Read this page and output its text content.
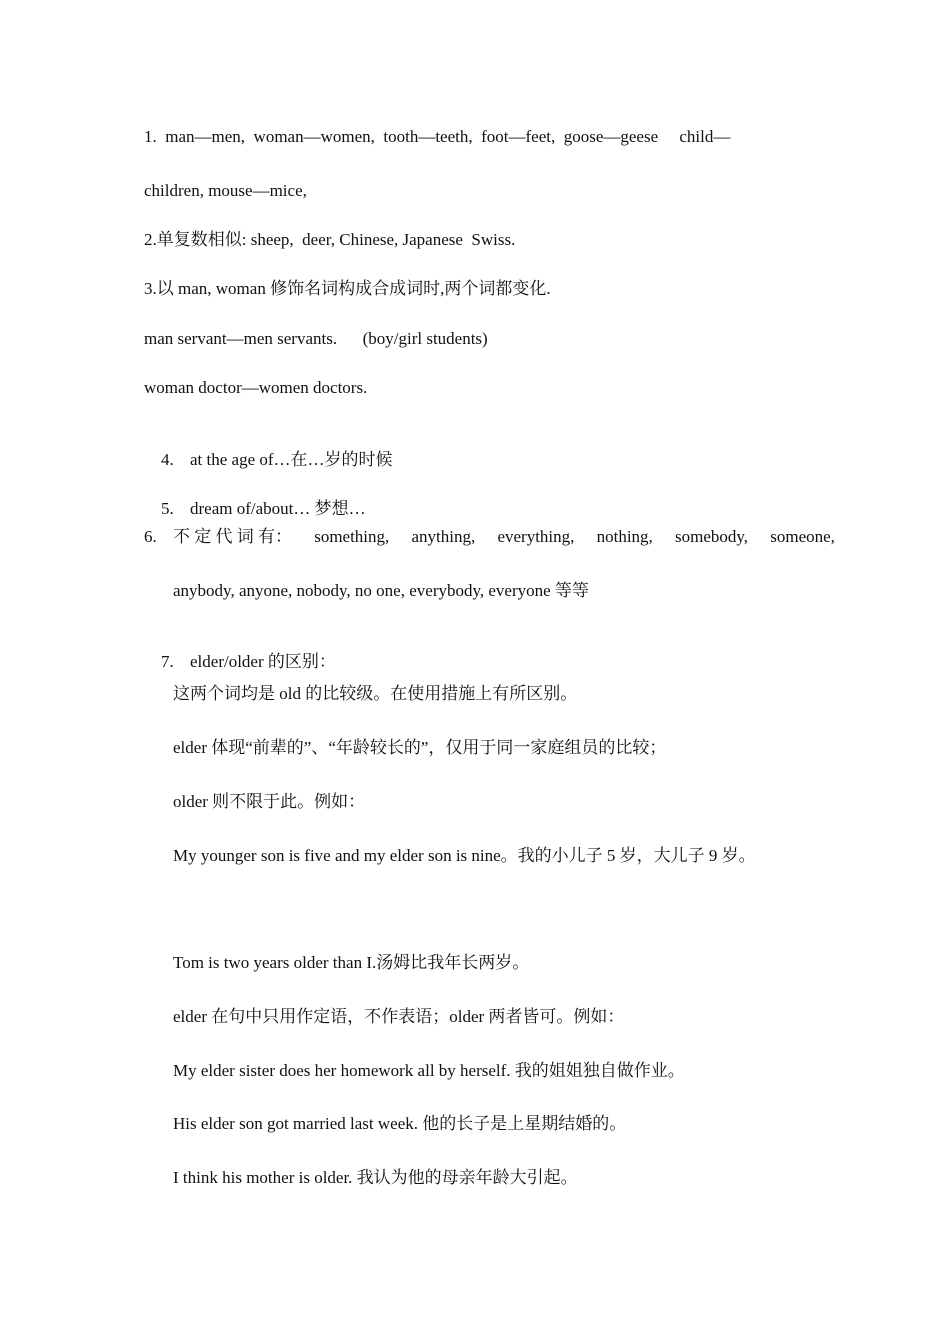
1.  man—men,  woman—women,  tooth—teeth,  foot—feet,  goose—geese     child—
children, mouse—mice,
2.单复数相似: sheep,  deer, Chinese, Japanese  Swiss.
3.以 man, woman 修饰名词构成合成词时,两个词都变化.
man servant—men servants.      (boy/girl students)
woman doctor—women doctors.

4. at the age of…在…岁的时候

5. dream of/about… 梦想…

6. 不 定 代 词 有： something, anything, everything, nothing, somebody, someone,
anybody, anyone, nobody, no one, everybody, everyone 等等

7. elder/older 的区别：

这两个词均是 old 的比较级。在使用措施上有所区别。
elder 体现“前辈的”、“年龄较长的”，仅用于同一家庭组员的比较；
older 则不限于此。例如：
My younger son is five and my elder son is nine。我的小儿子 5 岁，大儿子 9 岁。
Tom is two years older than I.汤姆比我年长两岁。
elder 在句中只用作定语，不作表语；older 两者皆可。例如：
My elder sister does her homework all by herself. 我的姐姐独自做作业。
His elder son got married last week. 他的长子是上星期结婚的。
I think his mother is older. 我认为他的母亲年龄大引起。
